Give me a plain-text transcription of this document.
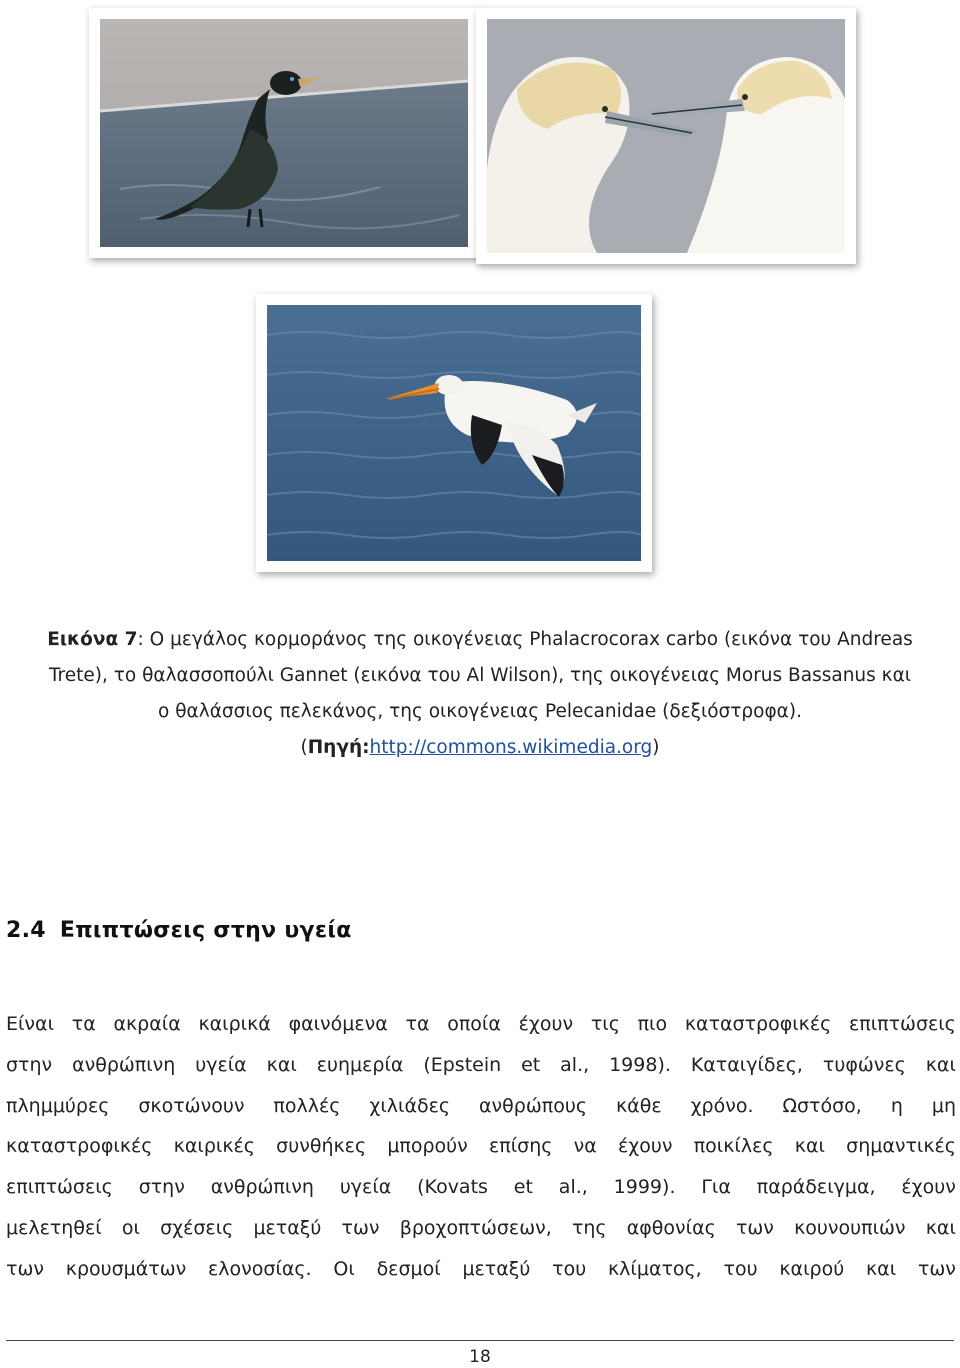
Εικόνα 7: Ο μεγάλος κορμοράνος της οικογένειας Phalacrocorax carbo (εικόνα του Andreas
Trete), το θαλασσοπούλι Gannet (εικόνα του Al Wilson), της οικογένειας Morus Bassanus και
ο θαλάσσιος πελεκάνος, της οικογένειας Pelecanidae (δεξιόστροφα).
(Πηγή:http://commons.wikimedia.org)
2.4 Επιπτώσεις στην υγεία
Είναι τα ακραία καιρικά φαινόμενα τα οποία έχουν τις πιο καταστροφικές επιπτώσεις
στην ανθρώπινη υγεία και ευημερία (Epstein et al., 1998). Καταιγίδες, τυφώνες και
πλημμύρες σκοτώνουν πολλές χιλιάδες ανθρώπους κάθε χρόνο. Ωστόσο, η μη
καταστροφικές καιρικές συνθήκες μπορούν επίσης να έχουν ποικίλες και σημαντικές
επιπτώσεις στην ανθρώπινη υγεία (Kovats et al., 1999). Για παράδειγμα, έχουν
μελετηθεί οι σχέσεις μεταξύ των βροχοπτώσεων, της αφθονίας των κουνουπιών και
των κρουσμάτων ελονοσίας. Οι δεσμοί μεταξύ του κλίματος, του καιρού και των
18
